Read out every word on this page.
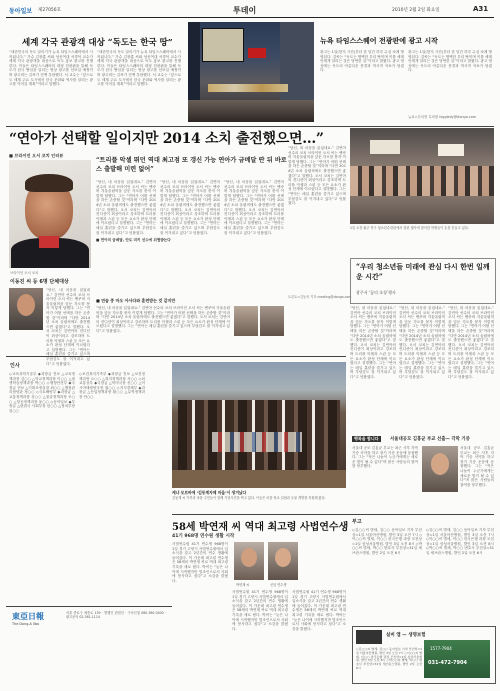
동아일보 제27056호	투데이	2010년 2월 2일 화요일	A31
세계 각국 관광객 대상 “독도는 한국 땅”
“대한민국의 독도 알리기가 뉴욕 타임스스퀘어에서 시작됩니다.” 가수 김장훈 씨와 성신여대 서경덕 교수가 세계 각국 관광객을 대상으로 독도 홍보 광고를 진행한다. 이들은 타임스스퀘어의 대형 전광판을 통해 독도가 한국 땅임을 알리는 영상 광고를 선보일 예정이며 광고비는 김씨가 전액 부담했다. 서 교수는 “앞으로도 세계 주요 도시에서 한국 문화와 역사를 알리는 광고를 이어갈 계획”이라고 말했다.
“대한민국의 독도 알리기가 뉴욕 타임스스퀘어에서 시작됩니다.” 가수 김장훈 씨와 성신여대 서경덕 교수가 세계 각국 관광객을 대상으로 독도 홍보 광고를 진행한다. 이들은 타임스스퀘어의 대형 전광판을 통해 독도가 한국 땅임을 알리는 영상 광고를 선보일 예정이며 광고비는 김씨가 전액 부담했다. 서 교수는 “앞으로도 세계 주요 도시에서 한국 문화와 역사를 알리는 광고를 이어갈 계획”이라고 말했다.
뉴욕 타임스스퀘어 전광판에 광고 시작
광고는 1일(현지 시간)부터 한 달간 하루 수십 차례 방영된다. 김씨는 “독도는 명백한 우리 땅이며 이를 세계인에게 알리는 것은 당연한 일”이라고 밝혔다. 광고 영상에는 독도의 아름다운 풍경과 역사적 자료가 담겼다.
광고는 1일(현지 시간)부터 한 달간 하루 수십 차례 방영된다. 김씨는 “독도는 명백한 우리 땅이며 이를 세계인에게 알리는 것은 당연한 일”이라고 밝혔다. 광고 영상에는 독도의 아름다운 풍경과 역사적 자료가 담겼다.
뉴욕=신치영 특파원 higgledy@donga.com
“연아가 선택할 일이지만 2014 소치 출전했으면…”
■ 브라이언 오서 코치 인터뷰
브라이언 오서 코치
“트리플 악셀 뛰던 역대 최고점 또 갱신 가능 연아가 금메달 딴 뒤 바로스 출발해 미련 없어”
“당신, 내 마음을 읽었네요.” 김연아 선수의 코치 브라이언 오서 씨는 밴쿠버 겨울올림픽을 앞둔 각오를 묻자 이렇게 답했다. 그는 “연아가 어떤 선택을 하든 존중할 것”이라며 “다만 2014년 소치 올림픽에도 출전했으면 좋겠다”고 말했다. 오서 코치는 김연아의 컨디션이 최상이라고 강조하며 트리플 악셀과 스핀 등 모든 요소가 완성 단계에 이르렀다고 설명했다. 그는 “연아는 매일 훈련을 즐기고 있으며 부담감도 잘 이겨내고 있다”고 덧붙였다.
“당신, 내 마음을 읽었네요.” 김연아 선수의 코치 브라이언 오서 씨는 밴쿠버 겨울올림픽을 앞둔 각오를 묻자 이렇게 답했다. 그는 “연아가 어떤 선택을 하든 존중할 것”이라며 “다만 2014년 소치 올림픽에도 출전했으면 좋겠다”고 말했다. 오서 코치는 김연아의 컨디션이 최상이라고 강조하며 트리플 악셀과 스핀 등 모든 요소가 완성 단계에 이르렀다고 설명했다. 그는 “연아는 매일 훈련을 즐기고 있으며 부담감도 잘 이겨내고 있다”고 덧붙였다.
“당신, 내 마음을 읽었네요.” 김연아 선수의 코치 브라이언 오서 씨는 밴쿠버 겨울올림픽을 앞둔 각오를 묻자 이렇게 답했다. 그는 “연아가 어떤 선택을 하든 존중할 것”이라며 “다만 2014년 소치 올림픽에도 출전했으면 좋겠다”고 말했다. 오서 코치는 김연아의 컨디션이 최상이라고 강조하며 트리플 악셀과 스핀 등 모든 요소가 완성 단계에 이르렀다고 설명했다. 그는 “연아는 매일 훈련을 즐기고 있으며 부담감도 잘 이겨내고 있다”고 덧붙였다.
“당신, 내 마음을 읽었네요.” 김연아 선수의 코치 브라이언 오서 씨는 밴쿠버 겨울올림픽을 앞둔 각오를 묻자 이렇게 답했다. 그는 “연아가 어떤 선택을 하든 존중할 것”이라며 “다만 2014년 소치 올림픽에도 출전했으면 좋겠다”고 말했다. 오서 코치는 김연아의 컨디션이 최상이라고 강조하며 트리플 악셀과 스핀 등 모든 요소가 완성 단계에 이르렀다고 설명했다. 그는 “연아는 매일 훈련을 즐기고 있으며 부담감도 잘 이겨내고 있다”고 덧붙였다.
■ 연아의 금메달, 안도 미키 선수에 위협받는다
토론토=김동욱 기자 creating@donga.com
이동진 씨 등 6명 단체대상
“당신, 내 마음을 읽었네요.” 김연아 선수의 코치 브라이언 오서 씨는 밴쿠버 겨울올림픽을 앞둔 각오를 묻자 이렇게 답했다. 그는 “연아가 어떤 선택을 하든 존중할 것”이라며 “다만 2014년 소치 올림픽에도 출전했으면 좋겠다”고 말했다. 오서 코치는 김연아의 컨디션이 최상이라고 강조하며 트리플 악셀과 스핀 등 모든 요소가 완성 단계에 이르렀다고 설명했다. 그는 “연아는 매일 훈련을 즐기고 있으며 부담감도 잘 이겨내고 있다”고 덧붙였다.
■ 연습 중 마오 아사다와 훈련받는 것 같지만
“당신, 내 마음을 읽었네요.” 김연아 선수의 코치 브라이언 오서 씨는 밴쿠버 겨울올림픽을 앞둔 각오를 묻자 이렇게 답했다. 그는 “연아가 어떤 선택을 하든 존중할 것”이라며 “다만 2014년 소치 올림픽에도 출전했으면 좋겠다”고 말했다. 오서 코치는 김연아의 컨디션이 최상이라고 강조하며 트리플 악셀과 스핀 등 모든 요소가 완성 단계에 이르렀다고 설명했다. 그는 “연아는 매일 훈련을 즐기고 있으며 부담감도 잘 이겨내고 있다”고 덧붙였다.
1일 오전 광주 북구 청소년수련관에서 열린 행사에 참석한 학생들이 손을 흔들고 있다.
“우리 청소년들 미래에 관심 다시 한번 일깨운 시간”
광주서 ‘꿈의 초청’행사
“당신, 내 마음을 읽었네요.” 김연아 선수의 코치 브라이언 오서 씨는 밴쿠버 겨울올림픽을 앞둔 각오를 묻자 이렇게 답했다. 그는 “연아가 어떤 선택을 하든 존중할 것”이라며 “다만 2014년 소치 올림픽에도 출전했으면 좋겠다”고 말했다. 오서 코치는 김연아의 컨디션이 최상이라고 강조하며 트리플 악셀과 스핀 등 모든 요소가 완성 단계에 이르렀다고 설명했다. 그는 “연아는 매일 훈련을 즐기고 있으며 부담감도 잘 이겨내고 있다”고 덧붙였다.
“당신, 내 마음을 읽었네요.” 김연아 선수의 코치 브라이언 오서 씨는 밴쿠버 겨울올림픽을 앞둔 각오를 묻자 이렇게 답했다. 그는 “연아가 어떤 선택을 하든 존중할 것”이라며 “다만 2014년 소치 올림픽에도 출전했으면 좋겠다”고 말했다. 오서 코치는 김연아의 컨디션이 최상이라고 강조하며 트리플 악셀과 스핀 등 모든 요소가 완성 단계에 이르렀다고 설명했다. 그는 “연아는 매일 훈련을 즐기고 있으며 부담감도 잘 이겨내고 있다”고 덧붙였다.
“당신, 내 마음을 읽었네요.” 김연아 선수의 코치 브라이언 오서 씨는 밴쿠버 겨울올림픽을 앞둔 각오를 묻자 이렇게 답했다. 그는 “연아가 어떤 선택을 하든 존중할 것”이라며 “다만 2014년 소치 올림픽에도 출전했으면 좋겠다”고 말했다. 오서 코치는 김연아의 컨디션이 최상이라고 강조하며 트리플 악셀과 스핀 등 모든 요소가 완성 단계에 이르렀다고 설명했다. 그는 “연아는 매일 훈련을 즐기고 있으며 부담감도 잘 이겨내고 있다”고 덧붙였다.
인사
◇교육과학기술부 ◆과장급 전보 △교육정책과장 김○○ △학교정책과장 이○○ △평생학습정책과장 박○○ ◇행정안전부 ◆국장급 전보 △기획조정실장 최○○ △행정관리담당관 정○○ ◇국토해양부 ◆과장급 △교통정책과장 강○○ △물류정책과장 조○○ △항공정책과장 윤○○ ◇동아일보 ◆부장급 △편집국 사회부장 한○○ △정치부장 임○○
◇보건복지가족부 ◆과장급 전보 △보건정책과장 오○○ △복지정책과장 서○○ ◇외교통상부 ◆국장급 △북미국장 신○○ △아시아태평양국장 권○○ ◇지식경제부 ◆과장급 △산업정책과장 황○○ △무역정책과장 안○○
케냐 모르바에 ‘김동계자매 마을’이 생겨났다
김동계 씨 가족과 마을 주민들이 함께 기념사진을 찍고 있다. 이들은 마을 학교 설립과 우물 개발을 지원해 왔다.
행복을 합니다	서울대공모 김홍균 부교 선출— 각막 기증
서울대 공모 김홍균 부교는 최근 사후 각막 기증 서약을 하고 장기 기증 운동에 동참했다. 그는 “작은 나눔이 누군가에게는 새로운 빛이 될 수 있다”며 많은 사람들의 참여를 당부했다.
서울대 공모 김홍균 부교는 최근 사후 각막 기증 서약을 하고 장기 기증 운동에 동참했다. 그는 “작은 나눔이 누군가에게는 새로운 빛이 될 수 있다”며 많은 사람들의 참여를 당부했다.
58세 박연재 씨 역대 최고령 사법연수생
41기 968명 연수원 생활 시작
사법연수원 41기 연수생 968명이 1일 경기 고양시 사법연수원에서 입소식을 갖고 2년간의 연수 생활에 들어갔다. 이 가운데 최고령 연수생은 58세의 박연재 씨로 역대 최고령 기록을 새로 썼다. 박씨는 “늦은 나이에 시작했지만 법조인으로서 사회에 봉사하고 싶다”고 소감을 밝혔다.
박연재 씨	신임 연수생
사법연수원 41기 연수생 968명이 1일 경기 고양시 사법연수원에서 입소식을 갖고 2년간의 연수 생활에 들어갔다. 이 가운데 최고령 연수생은 58세의 박연재 씨로 역대 최고령 기록을 새로 썼다. 박씨는 “늦은 나이에 시작했지만 법조인으로서 사회에 봉사하고 싶다”고 소감을 밝혔다.
사법연수원 41기 연수생 968명이 1일 경기 고양시 사법연수원에서 입소식을 갖고 2년간의 연수 생활에 들어갔다. 이 가운데 최고령 연수생은 58세의 박연재 씨로 역대 최고령 기록을 새로 썼다. 박씨는 “늦은 나이에 시작했지만 법조인으로서 사회에 봉사하고 싶다”고 소감을 밝혔다.
부고
◇김○○씨 별세, 김○○ 동아일보 기자 부친상=1일 서울아산병원, 발인 3일 오전 7시 ◇이○○씨 별세, 이○○ 한국은행 과장 모친상=1일 삼성서울병원, 발인 3일 오전 8시 ◇박○○씨 별세, 박○○ 변호사 부친상=31일 세브란스병원, 발인 2일 오전 6시
◇김○○씨 별세, 김○○ 동아일보 기자 부친상=1일 서울아산병원, 발인 3일 오전 7시 ◇이○○씨 별세, 이○○ 한국은행 과장 모친상=1일 삼성서울병원, 발인 3일 오전 8시 ◇박○○씨 별세, 박○○ 변호사 부친상=31일 세브란스병원, 발인 2일 오전 6시
東亞日報
The Dong-A Ilbo
서울 종로구 세종로 139 · 발행인 편집인 · 구독신청 080-360-0400 · 광고문의 02-361-1114
실버 앱 — 생명보험
◇김○○씨 별세, 김○○ 동아일보 기자 부친상=1일 서울아산병원, 발인 3일 오전 7시 ◇이○○씨 별세, 이○○ 한국은행 과장 모친상=1일 삼성서울병원, 발인 3일 오전 8시 ◇박○○씨 별세, 박○○ 변호사 부친상=31일 세브란스병원, 발인 2일 오전 6시
031-472-7904
1577-7904
